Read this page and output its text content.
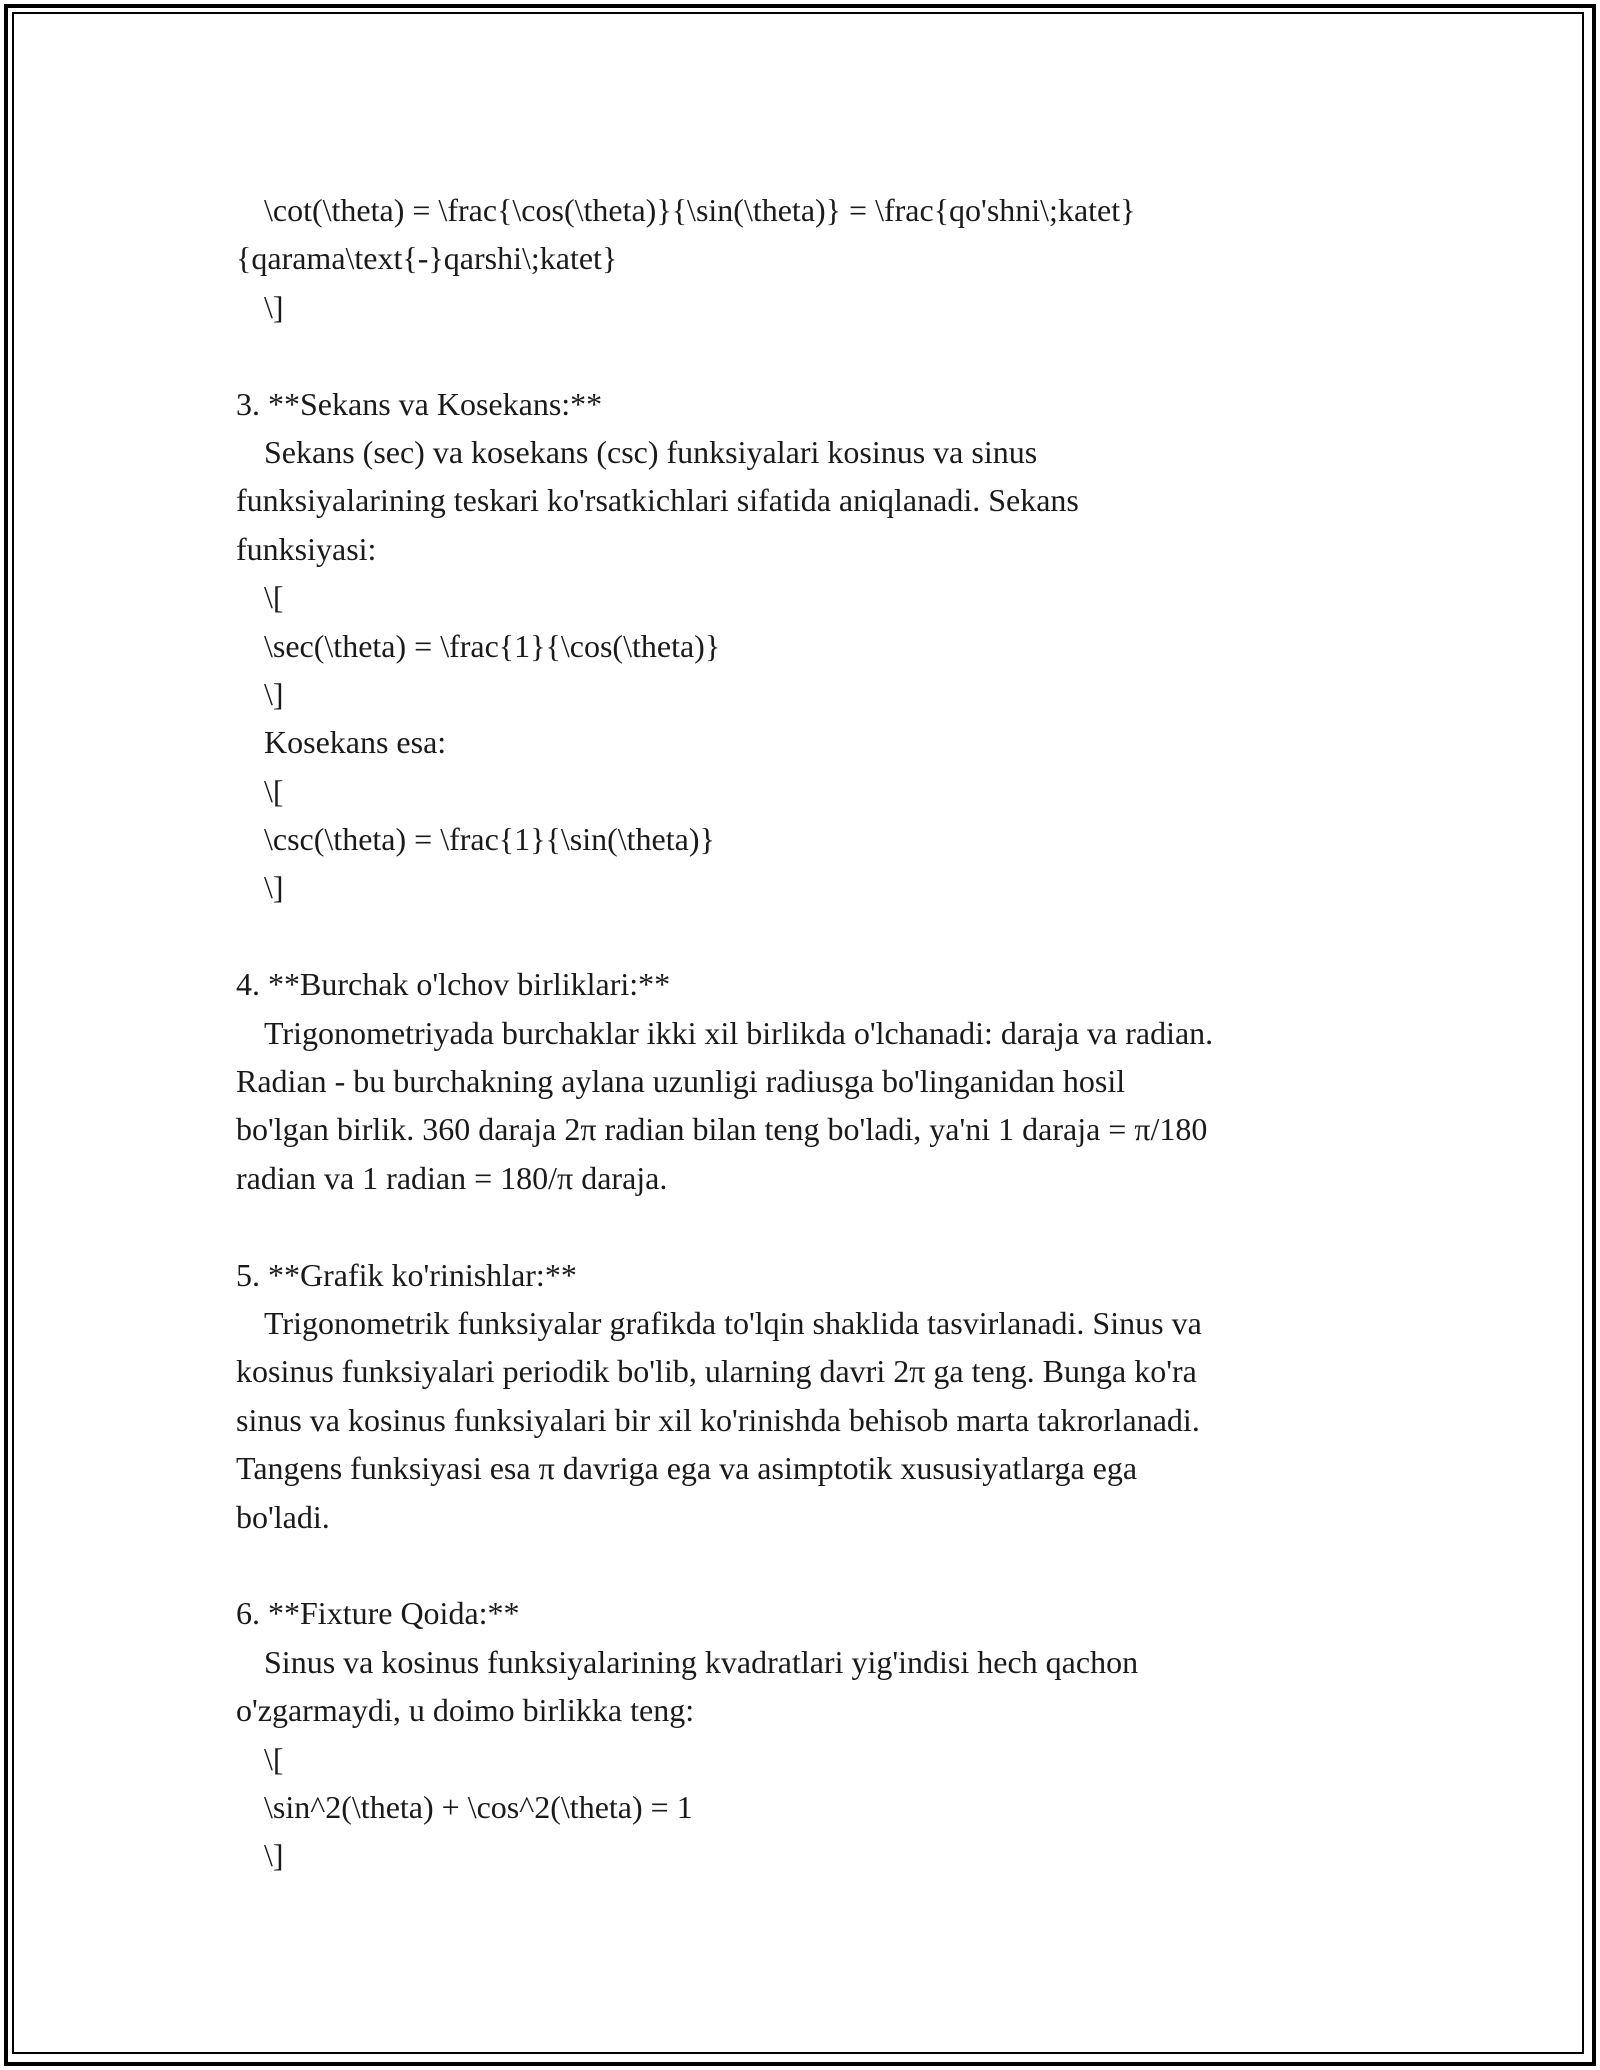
\cot(\theta) = \frac{\cos(\theta)}{\sin(\theta)} = \frac{qo'shni\;katet}
{qarama\text{-}qarshi\;katet}
\]
3. **Sekans va Kosekans:**
Sekans (sec) va kosekans (csc) funksiyalari kosinus va sinus
funksiyalarining teskari ko'rsatkichlari sifatida aniqlanadi. Sekans
funksiyasi:
\[
\sec(\theta) = \frac{1}{\cos(\theta)}
\]
Kosekans esa:
\[
\csc(\theta) = \frac{1}{\sin(\theta)}
\]
4. **Burchak o'lchov birliklari:**
Trigonometriyada burchaklar ikki xil birlikda o'lchanadi: daraja va radian.
Radian - bu burchakning aylana uzunligi radiusga bo'linganidan hosil
bo'lgan birlik. 360 daraja 2π radian bilan teng bo'ladi, ya'ni 1 daraja = π/180
radian va 1 radian = 180/π daraja.
5. **Grafik ko'rinishlar:**
Trigonometrik funksiyalar grafikda to'lqin shaklida tasvirlanadi. Sinus va
kosinus funksiyalari periodik bo'lib, ularning davri 2π ga teng. Bunga ko'ra
sinus va kosinus funksiyalari bir xil ko'rinishda behisob marta takrorlanadi.
Tangens funksiyasi esa π davriga ega va asimptotik xususiyatlarga ega
bo'ladi.
6. **Fixture Qoida:**
Sinus va kosinus funksiyalarining kvadratlari yig'indisi hech qachon
o'zgarmaydi, u doimo birlikka teng:
\[
\sin^2(\theta) + \cos^2(\theta) = 1
\]
